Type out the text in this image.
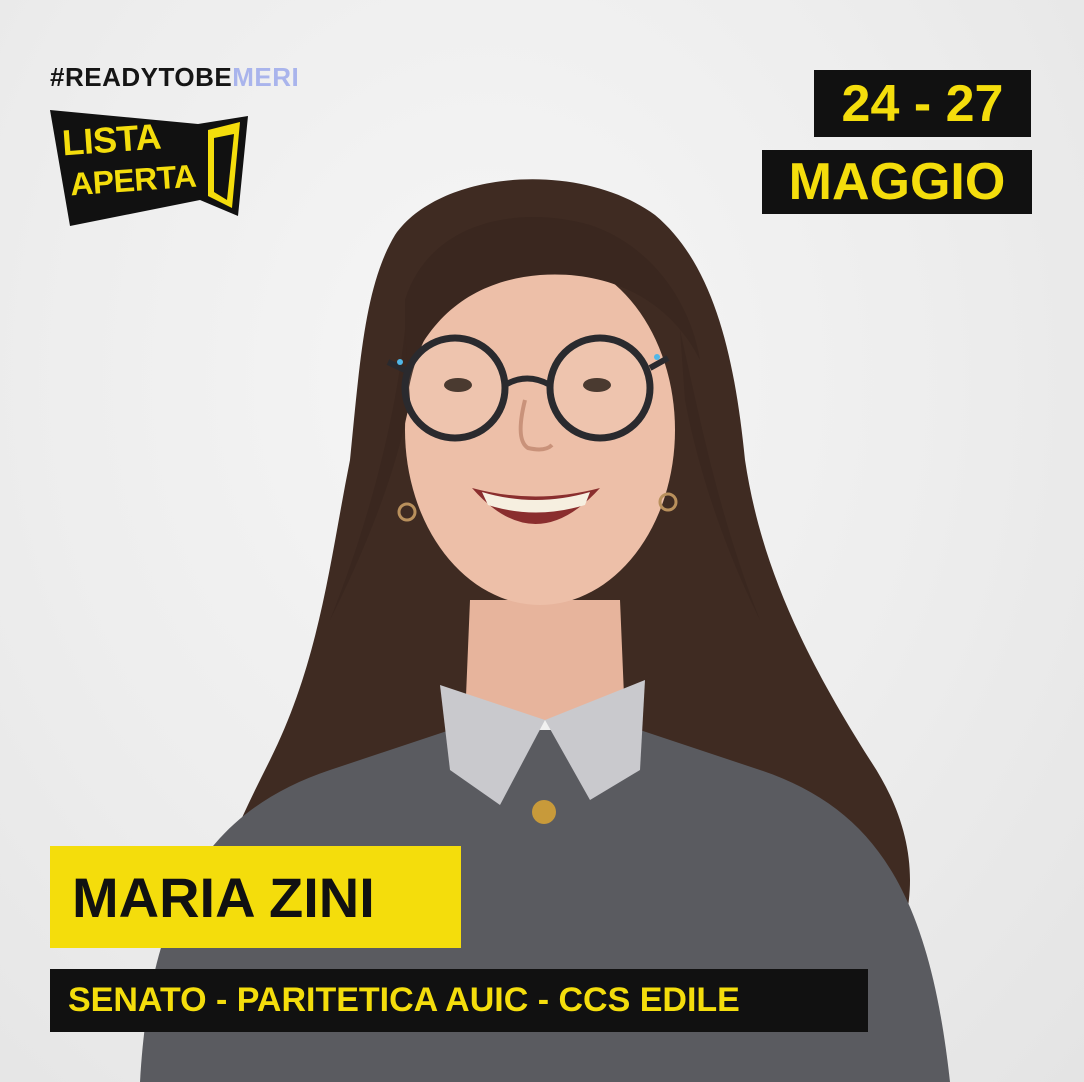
#READYTOBEMERI
LISTA
APERTA
24 - 27
MAGGIO
MARIA ZINI
SENATO - PARITETICA AUIC - CCS EDILE
